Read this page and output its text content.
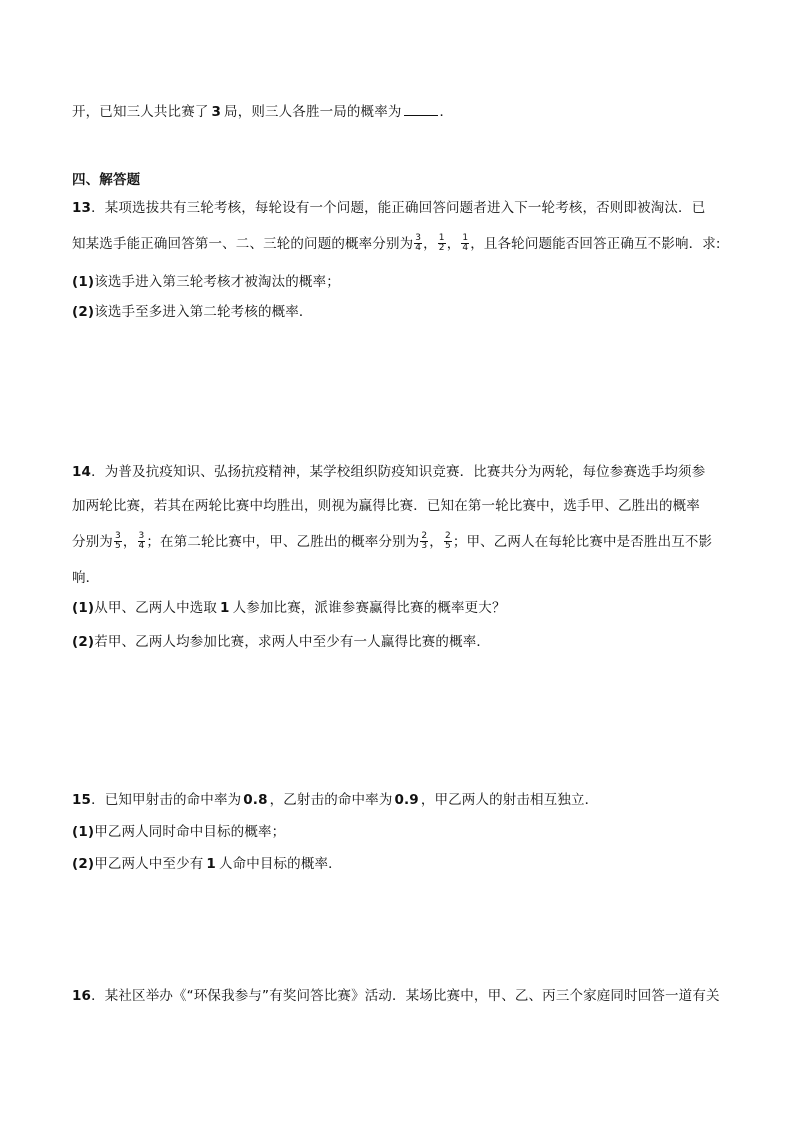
开，已知三人共比赛了 3 局，则三人各胜一局的概率为	．
四、解答题
13．某项选拔共有三轮考核，每轮设有一个问题，能正确回答问题者进入下一轮考核，否则即被淘汰．已
知某选手能正确回答第一、二、三轮的问题的概率分别为 $\frac{3}{4}$ ， $\frac{1}{2}$ ， $\frac{1}{4}$ ，且各轮问题能否回答正确互不影响．求:
(1)该选手进入第三轮考核才被淘汰的概率；
(2)该选手至多进入第二轮考核的概率．
14．为普及抗疫知识、弘扬抗疫精神，某学校组织防疫知识竞赛．比赛共分为两轮，每位参赛选手均须参
加两轮比赛，若其在两轮比赛中均胜出，则视为赢得比赛．已知在第一轮比赛中，选手甲、乙胜出的概率
分别为 $\frac{3}{5}$ ， $\frac{3}{4}$ ；在第二轮比赛中，甲、乙胜出的概率分别为 $\frac{2}{3}$ ， $\frac{2}{5}$ ；甲、乙两人在每轮比赛中是否胜出互不影
响．
(1)从甲、乙两人中选取 1 人参加比赛，派谁参赛赢得比赛的概率更大？
(2)若甲、乙两人均参加比赛，求两人中至少有一人赢得比赛的概率．
15．已知甲射击的命中率为 0.8 ，乙射击的命中率为 0.9 ，甲乙两人的射击相互独立．
(1)甲乙两人同时命中目标的概率；
(2)甲乙两人中至少有 1 人命中目标的概率．
16．某社区举办《“环保我参与”有奖问答比赛》活动．某场比赛中，甲、乙、丙三个家庭同时回答一道有关
